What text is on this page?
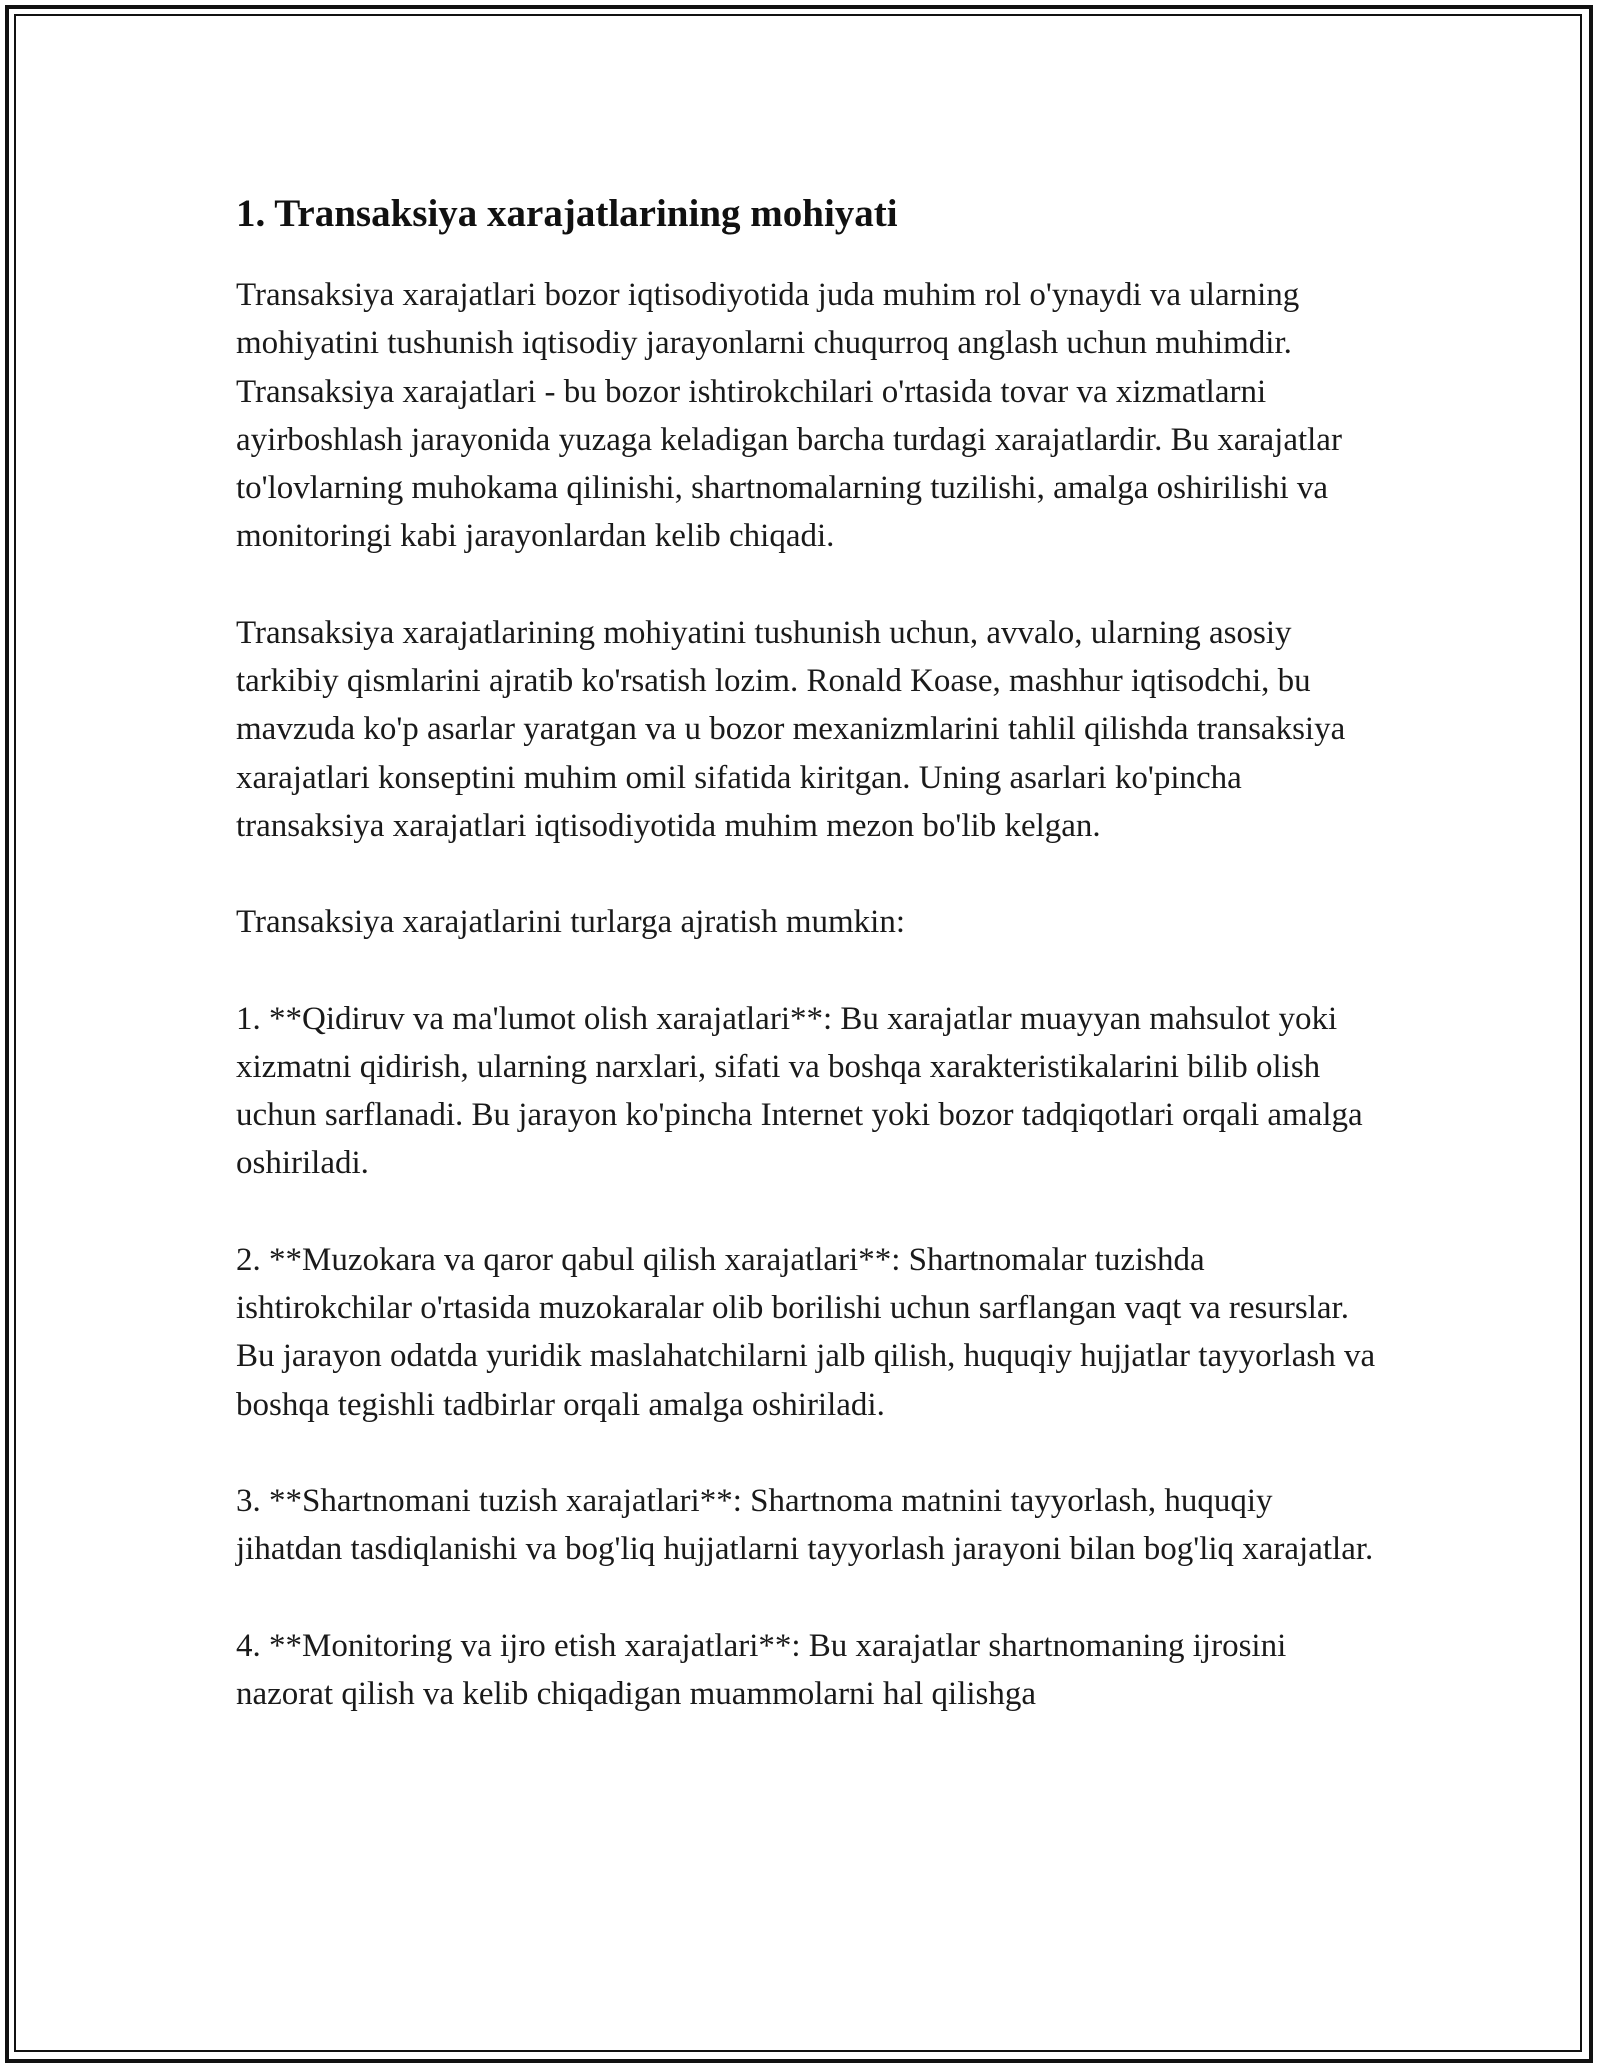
1. Transaksiya xarajatlarining mohiyati

Transaksiya xarajatlari bozor iqtisodiyotida juda muhim rol o'ynaydi va ularning mohiyatini tushunish iqtisodiy jarayonlarni chuqurroq anglash uchun muhimdir. Transaksiya xarajatlari - bu bozor ishtirokchilari o'rtasida tovar va xizmatlarni ayirboshlash jarayonida yuzaga keladigan barcha turdagi xarajatlardir. Bu xarajatlar to'lovlarning muhokama qilinishi, shartnomalarning tuzilishi, amalga oshirilishi va monitoringi kabi jarayonlardan kelib chiqadi.

Transaksiya xarajatlarining mohiyatini tushunish uchun, avvalo, ularning asosiy tarkibiy qismlarini ajratib ko'rsatish lozim. Ronald Koase, mashhur iqtisodchi, bu mavzuda ko'p asarlar yaratgan va u bozor mexanizmlarini tahlil qilishda transaksiya xarajatlari konseptini muhim omil sifatida kiritgan. Uning asarlari ko'pincha transaksiya xarajatlari iqtisodiyotida muhim mezon bo'lib kelgan.

Transaksiya xarajatlarini turlarga ajratish mumkin:

1. **Qidiruv va ma'lumot olish xarajatlari**: Bu xarajatlar muayyan mahsulot yoki xizmatni qidirish, ularning narxlari, sifati va boshqa xarakteristikalarini bilib olish uchun sarflanadi. Bu jarayon ko'pincha Internet yoki bozor tadqiqotlari orqali amalga oshiriladi.

2. **Muzokara va qaror qabul qilish xarajatlari**: Shartnomalar tuzishda ishtirokchilar o'rtasida muzokaralar olib borilishi uchun sarflangan vaqt va resurslar. Bu jarayon odatda yuridik maslahatchilarni jalb qilish, huquqiy hujjatlar tayyorlash va boshqa tegishli tadbirlar orqali amalga oshiriladi.

3. **Shartnomani tuzish xarajatlari**: Shartnoma matnini tayyorlash, huquqiy jihatdan tasdiqlanishi va bog'liq hujjatlarni tayyorlash jarayoni bilan bog'liq xarajatlar.

4. **Monitoring va ijro etish xarajatlari**: Bu xarajatlar shartnomaning ijrosini nazorat qilish va kelib chiqadigan muammolarni hal qilishga
